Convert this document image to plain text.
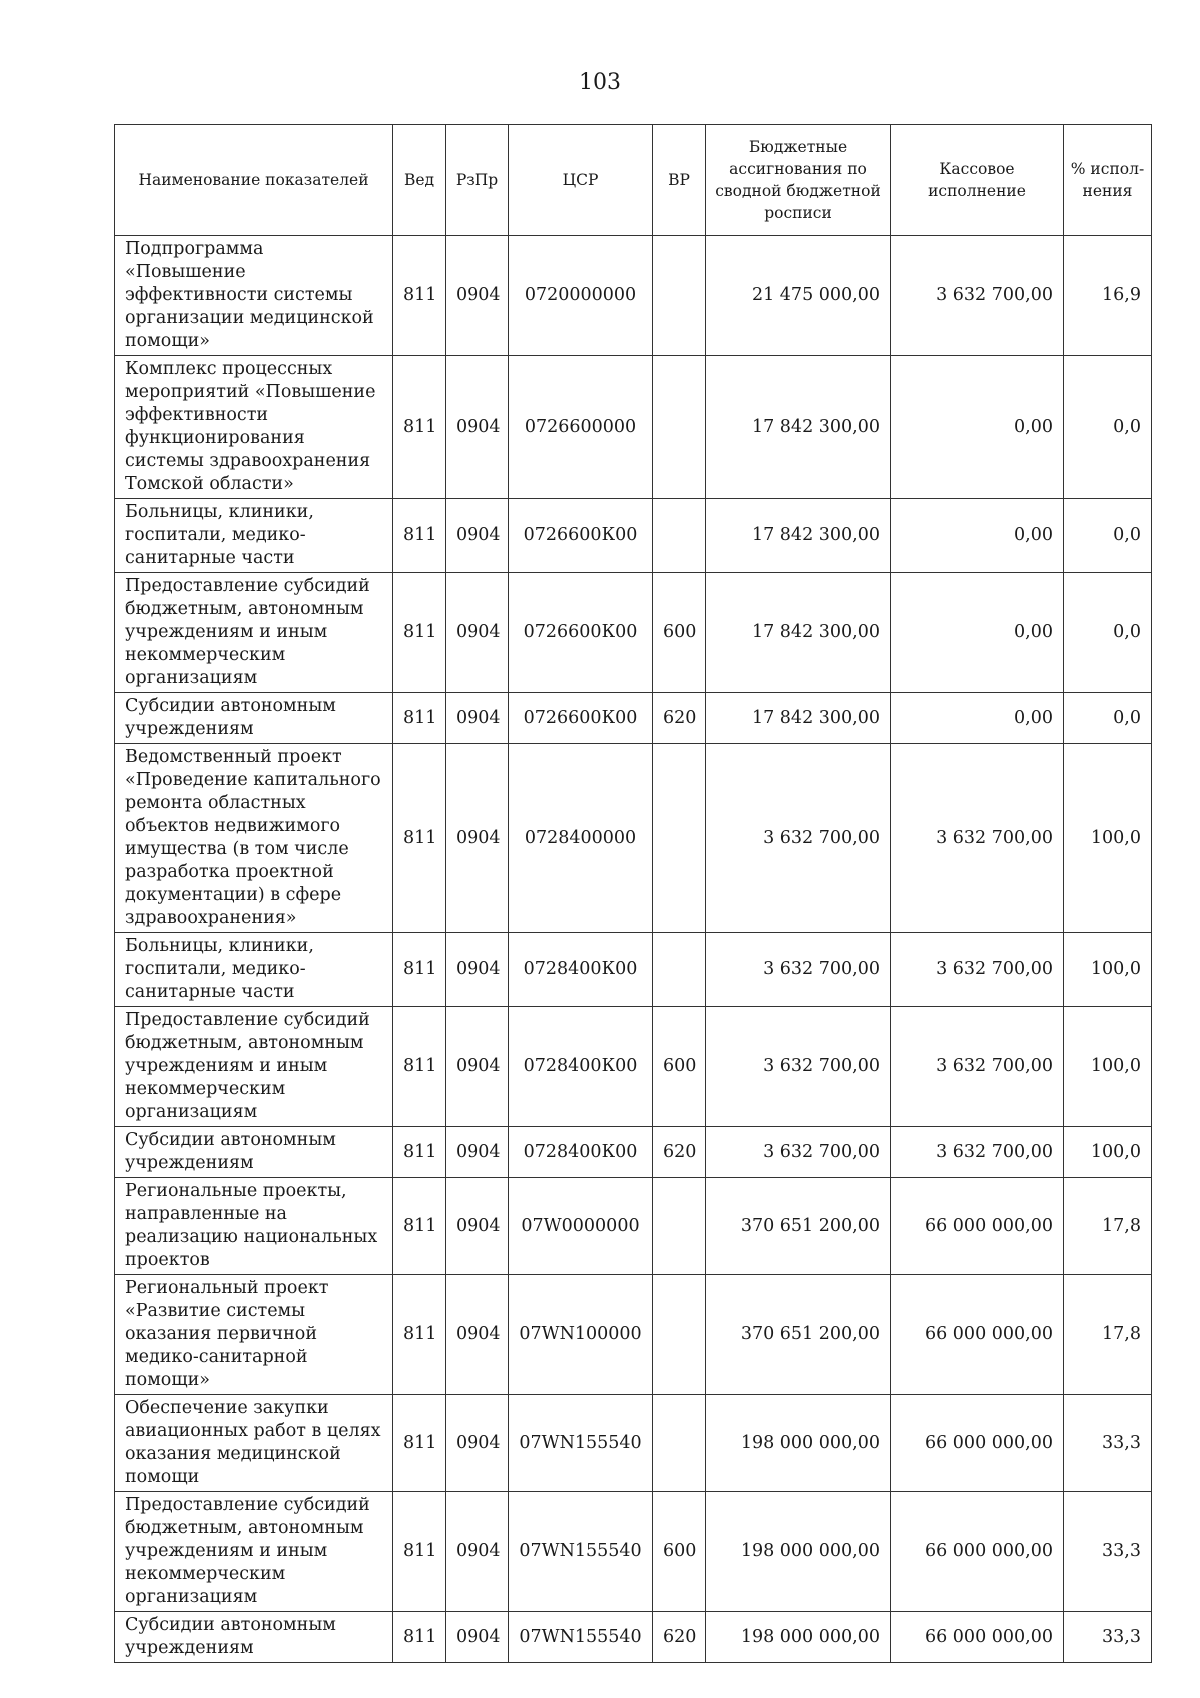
103
Наименование показателей	Вед	РзПр	ЦСР	ВР	Бюджетные ассигнования по сводной бюджетной росписи	Кассовое исполнение	% испол-нения
Подпрограмма «Повышение эффективности системы организации медицинской помощи»	811	0904	0720000000		21 475 000,00	3 632 700,00	16,9
Комплекс процессных мероприятий «Повышение эффективности функционирования системы здравоохранения Томской области»	811	0904	0726600000		17 842 300,00	0,00	0,0
Больницы, клиники, госпитали, медико-санитарные части	811	0904	0726600К00		17 842 300,00	0,00	0,0
Предоставление субсидий бюджетным, автономным учреждениям и иным некоммерческим организациям	811	0904	0726600К00	600	17 842 300,00	0,00	0,0
Субсидии автономным учреждениям	811	0904	0726600К00	620	17 842 300,00	0,00	0,0
Ведомственный проект «Проведение капитального ремонта областных объектов недвижимого имущества (в том числе разработка проектной документации) в сфере здравоохранения»	811	0904	0728400000		3 632 700,00	3 632 700,00	100,0
Больницы, клиники, госпитали, медико-санитарные части	811	0904	0728400К00		3 632 700,00	3 632 700,00	100,0
Предоставление субсидий бюджетным, автономным учреждениям и иным некоммерческим организациям	811	0904	0728400К00	600	3 632 700,00	3 632 700,00	100,0
Субсидии автономным учреждениям	811	0904	0728400К00	620	3 632 700,00	3 632 700,00	100,0
Региональные проекты, направленные на реализацию национальных проектов	811	0904	07W0000000		370 651 200,00	66 000 000,00	17,8
Региональный проект «Развитие системы оказания первичной медико-санитарной помощи»	811	0904	07WN100000		370 651 200,00	66 000 000,00	17,8
Обеспечение закупки авиационных работ в целях оказания медицинской помощи	811	0904	07WN155540		198 000 000,00	66 000 000,00	33,3
Предоставление субсидий бюджетным, автономным учреждениям и иным некоммерческим организациям	811	0904	07WN155540	600	198 000 000,00	66 000 000,00	33,3
Субсидии автономным учреждениям	811	0904	07WN155540	620	198 000 000,00	66 000 000,00	33,3
